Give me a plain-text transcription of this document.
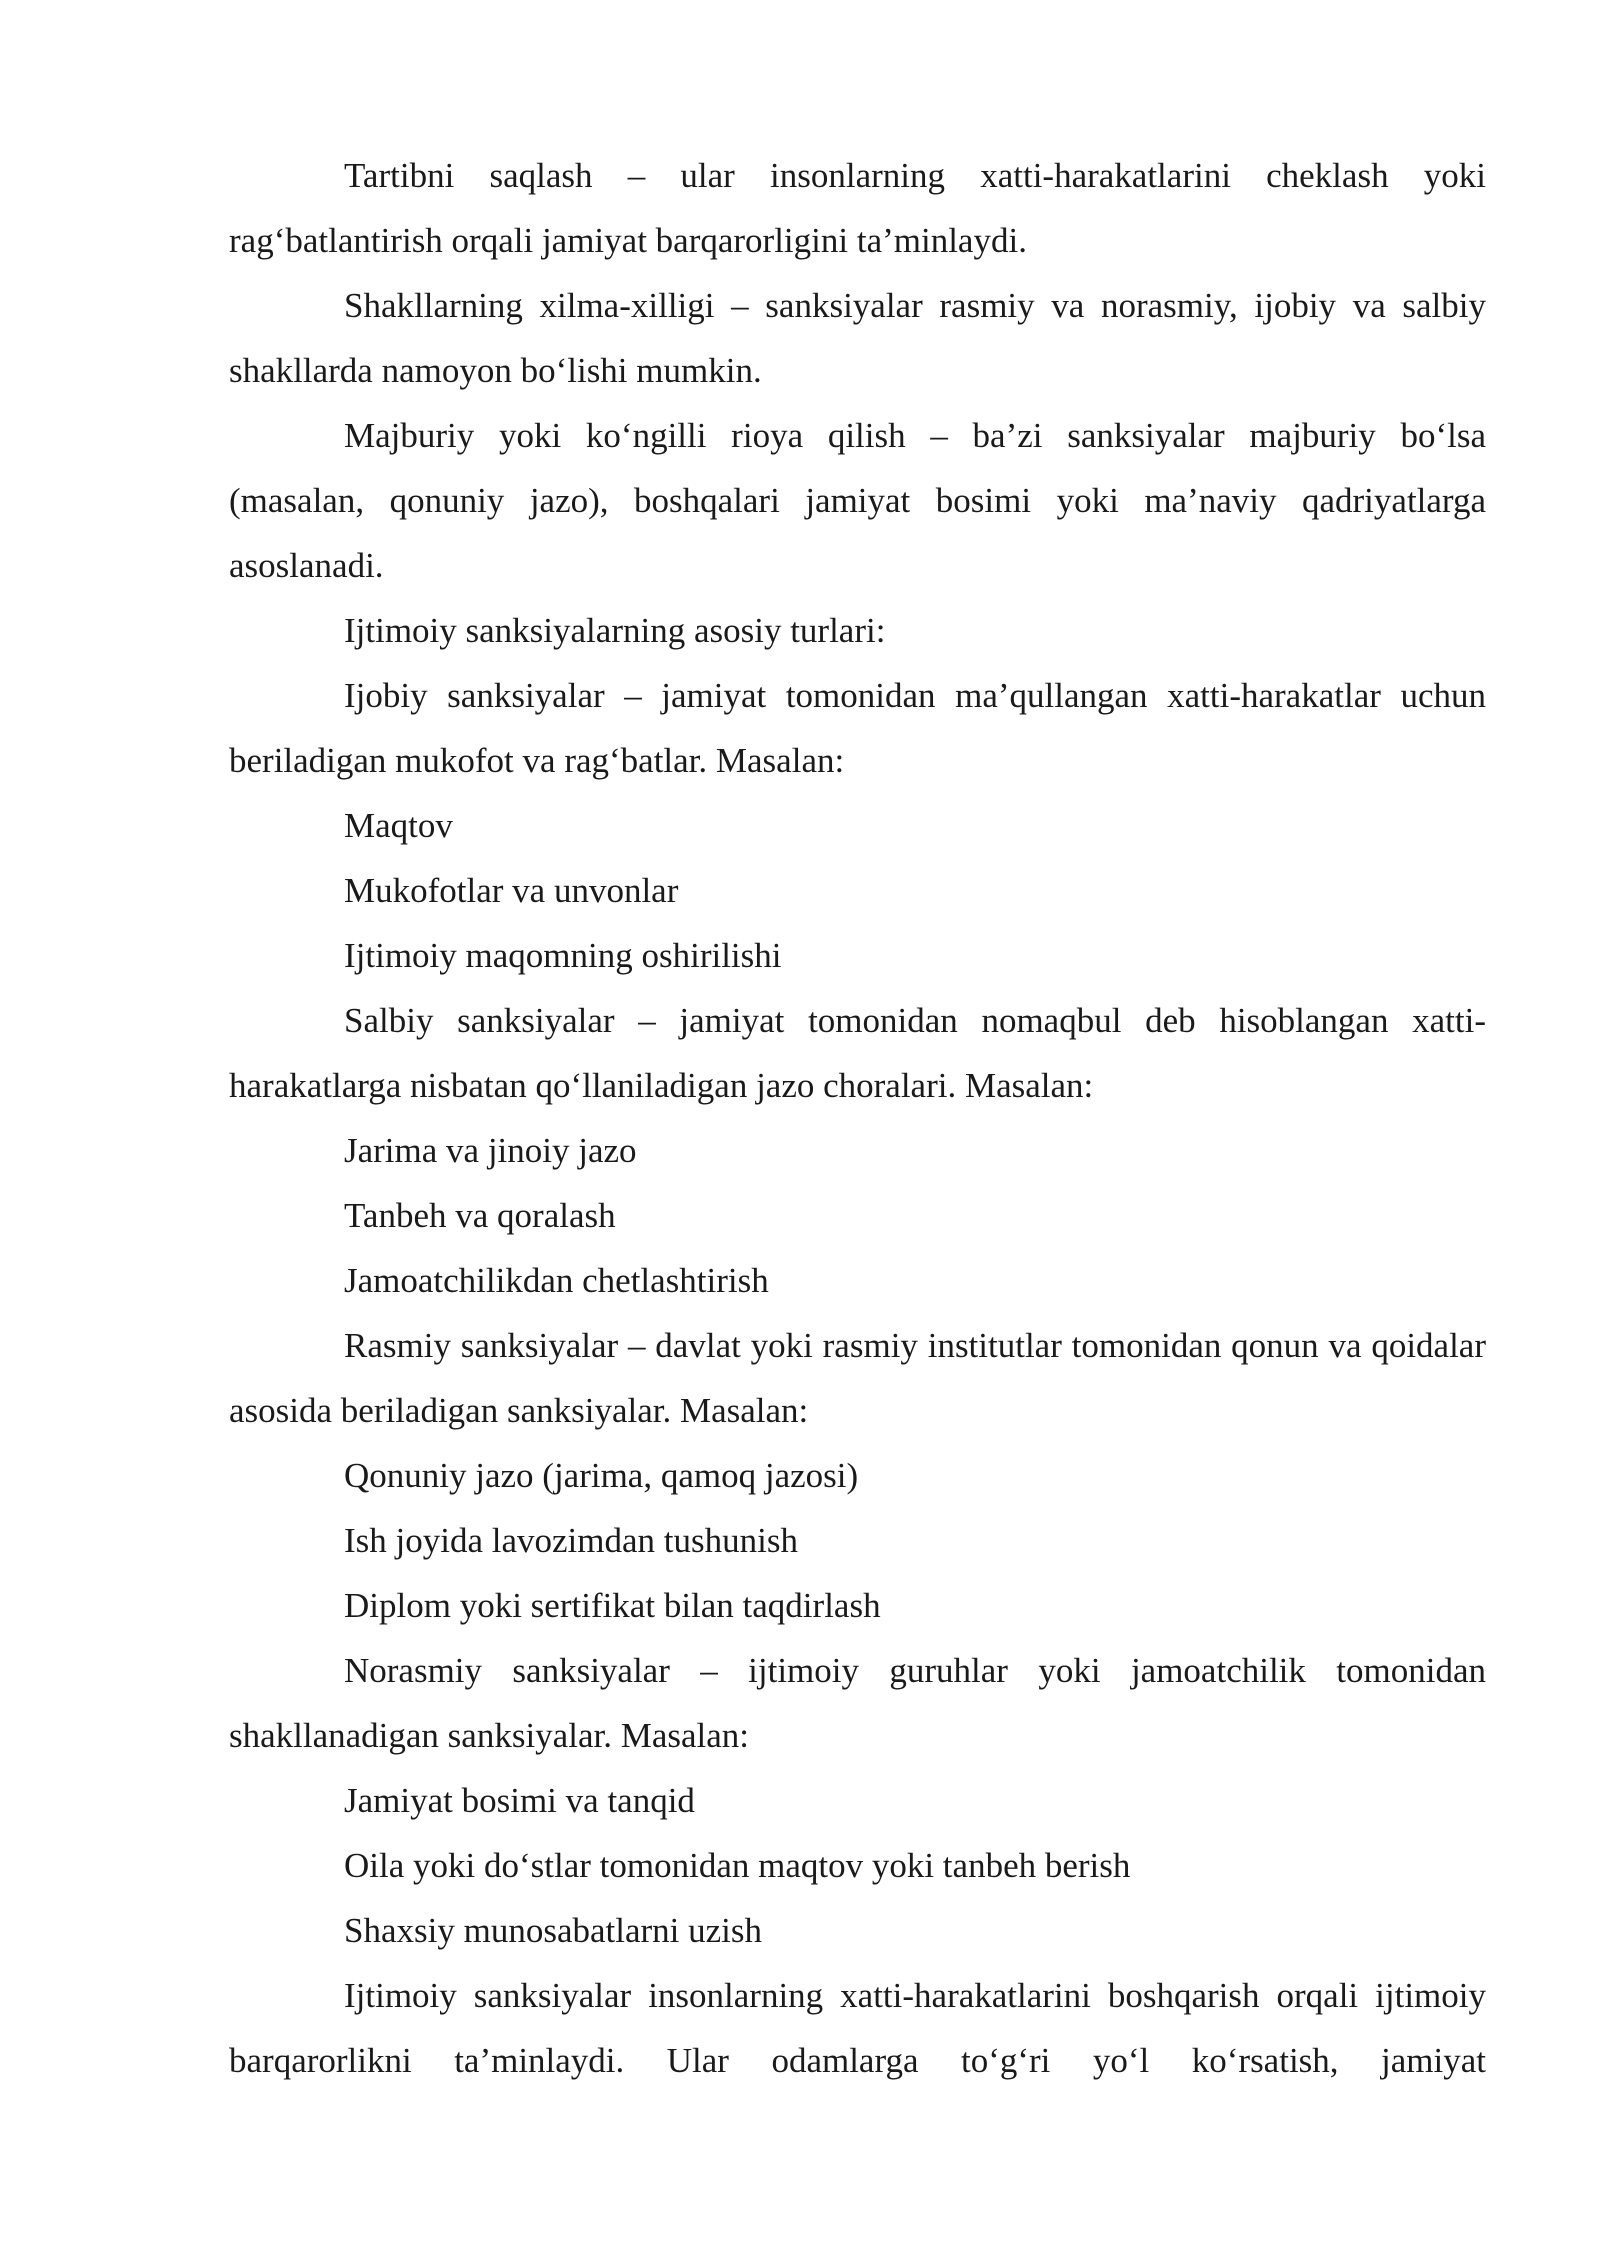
Tartibni saqlash – ular insonlarning xatti-harakatlarini cheklash yoki rag‘batlantirish orqali jamiyat barqarorligini ta’minlaydi.

Shakllarning xilma-xilligi – sanksiyalar rasmiy va norasmiy, ijobiy va salbiy shakllarda namoyon bo‘lishi mumkin.

Majburiy yoki ko‘ngilli rioya qilish – ba’zi sanksiyalar majburiy bo‘lsa (masalan, qonuniy jazo), boshqalari jamiyat bosimi yoki ma’naviy qadriyatlarga asoslanadi.

Ijtimoiy sanksiyalarning asosiy turlari:

Ijobiy sanksiyalar – jamiyat tomonidan ma’qullangan xatti-harakatlar uchun beriladigan mukofot va rag‘batlar. Masalan:

Maqtov

Mukofotlar va unvonlar

Ijtimoiy maqomning oshirilishi

Salbiy sanksiyalar – jamiyat tomonidan nomaqbul deb hisoblangan xatti-harakatlarga nisbatan qo‘llaniladigan jazo choralari. Masalan:

Jarima va jinoiy jazo

Tanbeh va qoralash

Jamoatchilikdan chetlashtirish

Rasmiy sanksiyalar – davlat yoki rasmiy institutlar tomonidan qonun va qoidalar asosida beriladigan sanksiyalar. Masalan:

Qonuniy jazo (jarima, qamoq jazosi)

Ish joyida lavozimdan tushunish

Diplom yoki sertifikat bilan taqdirlash

Norasmiy sanksiyalar – ijtimoiy guruhlar yoki jamoatchilik tomonidan shakllanadigan sanksiyalar. Masalan:

Jamiyat bosimi va tanqid

Oila yoki do‘stlar tomonidan maqtov yoki tanbeh berish

Shaxsiy munosabatlarni uzish

Ijtimoiy sanksiyalar insonlarning xatti-harakatlarini boshqarish orqali ijtimoiy barqarorlikni ta’minlaydi. Ular odamlarga to‘g‘ri yo‘l ko‘rsatish, jamiyat
